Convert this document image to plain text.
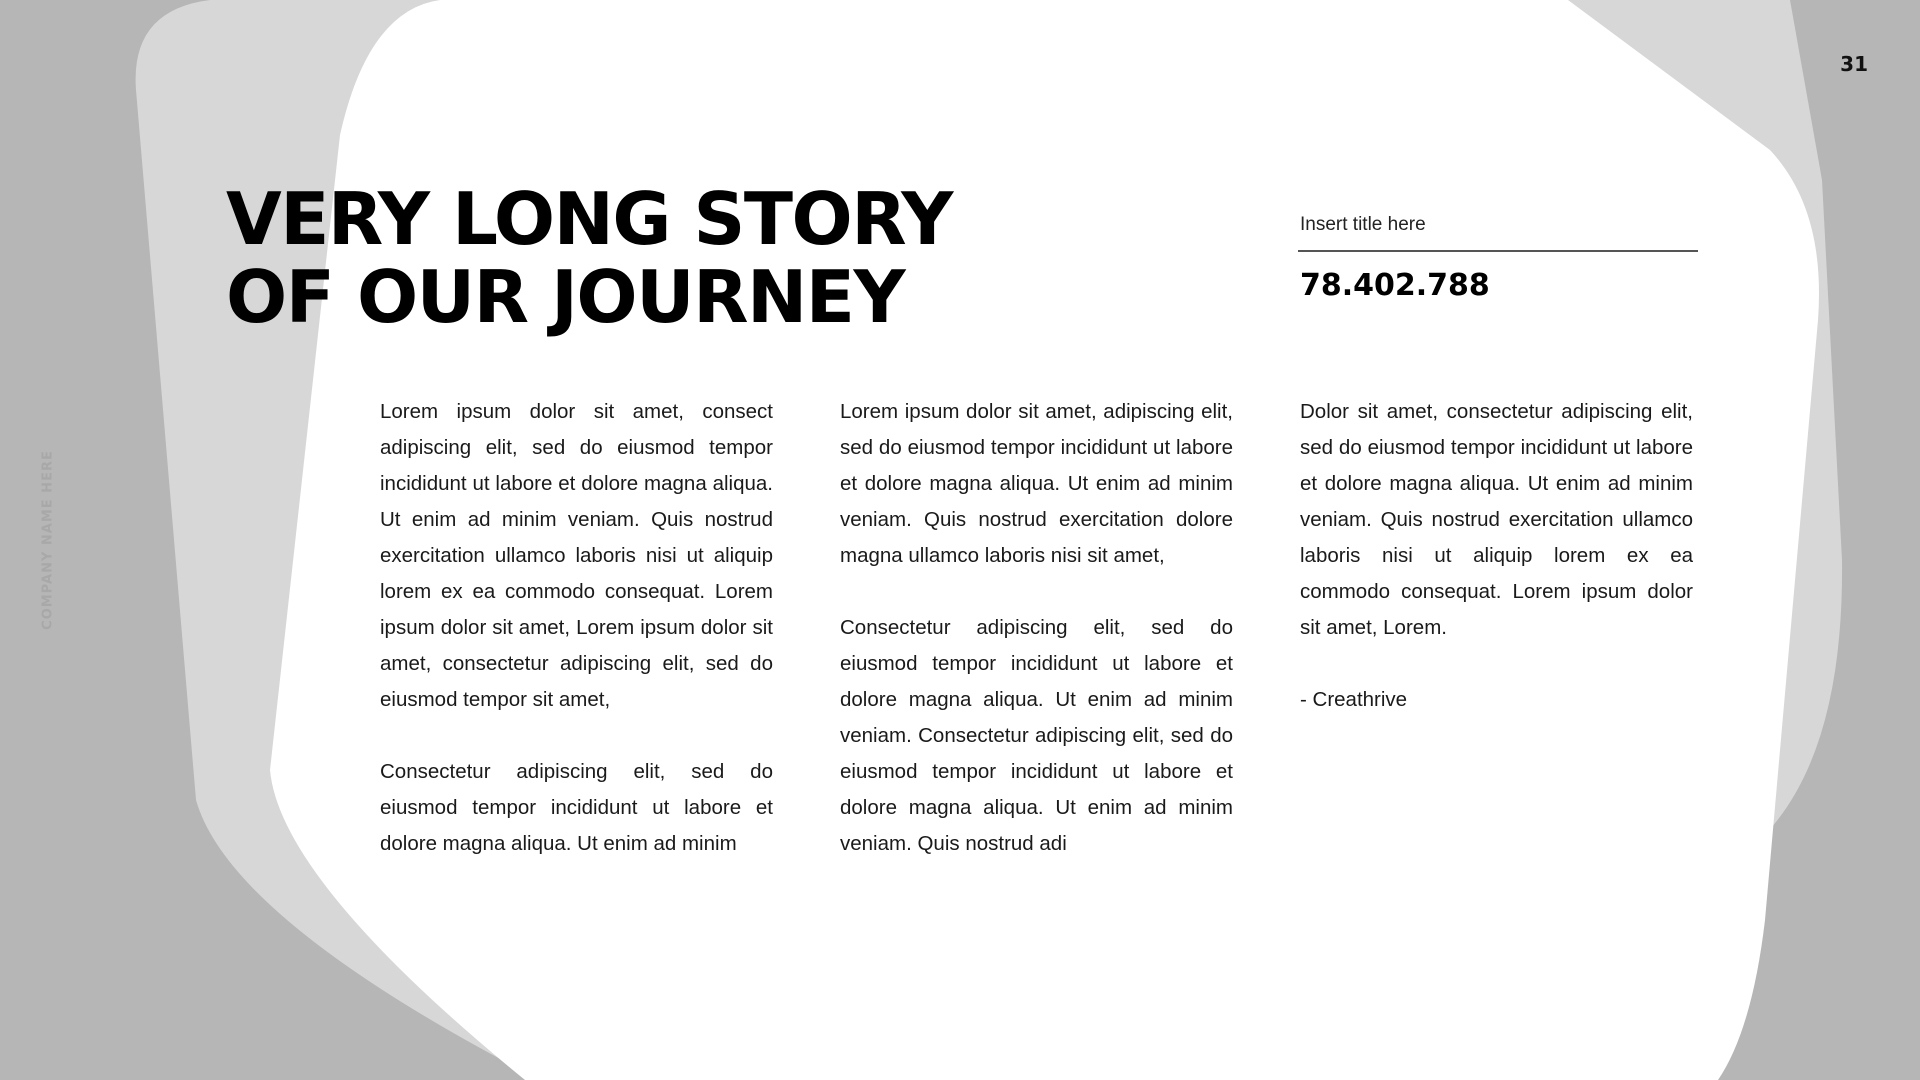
31
COMPANY NAME HERE
VERY LONG STORY
OF OUR JOURNEY
Insert title here
78.402.788

Lorem ipsum dolor sit amet, consect adipiscing elit, sed do eiusmod tempor incididunt ut labore et dolore magna aliqua. Ut enim ad minim veniam. Quis nostrud exercitation ullamco laboris nisi ut aliquip lorem ex ea commodo consequat. Lorem ipsum dolor sit amet, Lorem ipsum dolor sit amet, consectetur adipiscing elit, sed do eiusmod tempor sit amet,

Consectetur adipiscing elit, sed do eiusmod tempor incididunt ut labore et dolore magna aliqua. Ut enim ad minim

Lorem ipsum dolor sit amet, adipiscing elit, sed do eiusmod tempor incididunt ut labore et dolore magna aliqua. Ut enim ad minim veniam. Quis nostrud exercitation dolore magna ullamco laboris nisi sit amet,

Consectetur adipiscing elit, sed do eiusmod tempor incididunt ut labore et dolore magna aliqua. Ut enim ad minim veniam. Consectetur adipiscing elit, sed do eiusmod tempor incididunt ut labore et dolore magna aliqua. Ut enim ad minim veniam. Quis nostrud adi

Dolor sit amet, consectetur adipiscing elit, sed do eiusmod tempor incididunt ut labore et dolore magna aliqua. Ut enim ad minim veniam. Quis nostrud exercitation ullamco laboris nisi ut aliquip lorem ex ea commodo consequat. Lorem ipsum dolor sit amet, Lorem.

- Creathrive
